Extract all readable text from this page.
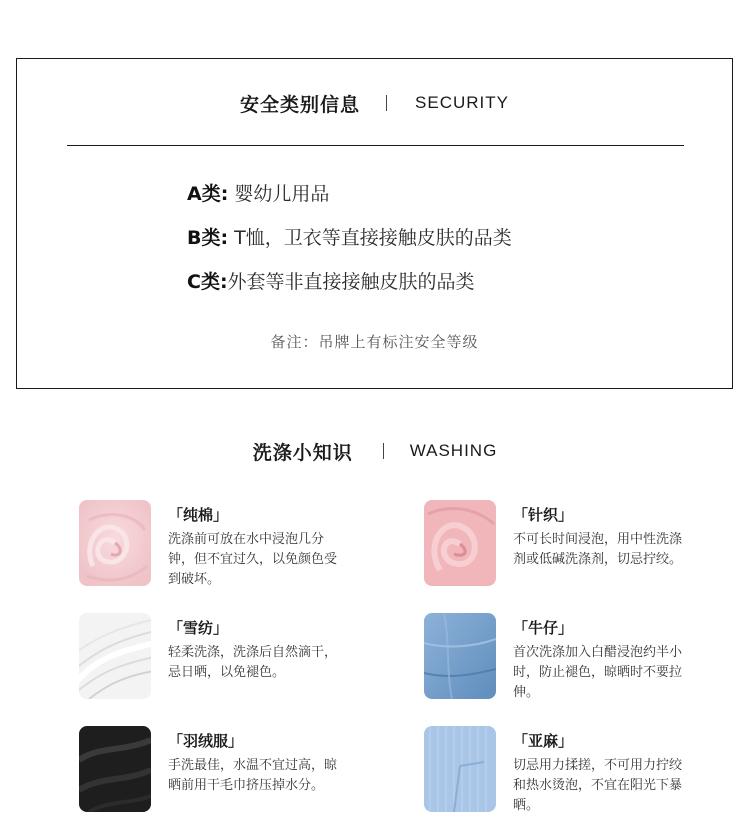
安全类别信息	SECURITY
A类: 婴幼儿用品
B类: T恤，卫衣等直接接触皮肤的品类
C类:外套等非直接接触皮肤的品类
备注：吊牌上有标注安全等级
洗涤小知识	WASHING
「纯棉」
洗涤前可放在水中浸泡几分钟，但不宜过久，以免颜色受到破坏。
「针织」
不可长时间浸泡，用中性洗涤剂或低碱洗涤剂，切忌拧绞。
「雪纺」
轻柔洗涤，洗涤后自然滴干，忌日晒，以免褪色。
「牛仔」
首次洗涤加入白醋浸泡约半小时，防止褪色，晾晒时不要拉伸。
「羽绒服」
手洗最佳，水温不宜过高，晾晒前用干毛巾挤压掉水分。
「亚麻」
切忌用力揉搓，不可用力拧绞和热水烫泡，不宜在阳光下暴晒。
